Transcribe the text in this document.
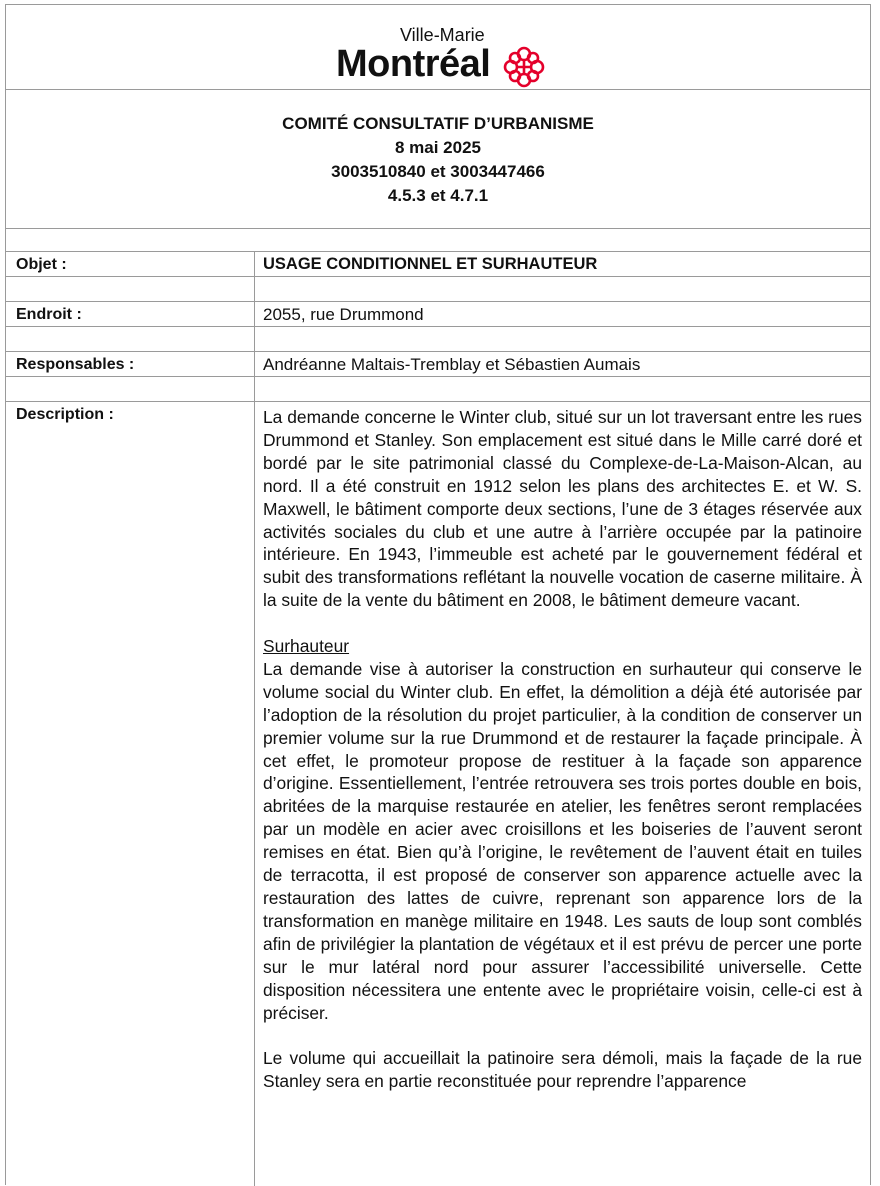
Ville-Marie
Montréal
COMITÉ CONSULTATIF D’URBANISME
8 mai 2025
3003510840 et 3003447466
4.5.3 et 4.7.1
Objet :	USAGE CONDITIONNEL ET SURHAUTEUR
Endroit :	2055, rue Drummond
Responsables :	Andréanne Maltais-Tremblay et Sébastien Aumais
Description :	La demande concerne le Winter club, situé sur un lot traversant entre les rues Drummond et Stanley. Son emplacement est situé dans le Mille carré doré et bordé par le site patrimonial classé du Complexe-de-La-Maison-Alcan, au nord. Il a été construit en 1912 selon les plans des architectes E. et W. S. Maxwell, le bâtiment comporte deux sections, l’une de 3 étages réservée aux activités sociales du club et une autre à l’arrière occupée par la patinoire intérieure. En 1943, l’immeuble est acheté par le gouvernement fédéral et subit des transformations reflétant la nouvelle vocation de caserne militaire. À la suite de la vente du bâtiment en 2008, le bâtiment demeure vacant.

Surhauteur

La demande vise à autoriser la construction en surhauteur qui conserve le volume social du Winter club. En effet, la démolition a déjà été autorisée par l’adoption de la résolution du projet particulier, à la condition de conserver un premier volume sur la rue Drummond et de restaurer la façade principale. À cet effet, le promoteur propose de restituer à la façade son apparence d’origine. Essentiellement, l’entrée retrouvera ses trois portes double en bois, abritées de la marquise restaurée en atelier, les fenêtres seront remplacées par un modèle en acier avec croisillons et les boiseries de l’auvent seront remises en état. Bien qu’à l’origine, le revêtement de l’auvent était en tuiles de terracotta, il est proposé de conserver son apparence actuelle avec la restauration des lattes de cuivre, reprenant son apparence lors de la transformation en manège militaire en 1948. Les sauts de loup sont comblés afin de privilégier la plantation de végétaux et il est prévu de percer une porte sur le mur latéral nord pour assurer l’accessibilité universelle. Cette disposition nécessitera une entente avec le propriétaire voisin, celle-ci est à préciser.

Le volume qui accueillait la patinoire sera démoli, mais la façade de la rue Stanley sera en partie reconstituée pour reprendre l’apparence
